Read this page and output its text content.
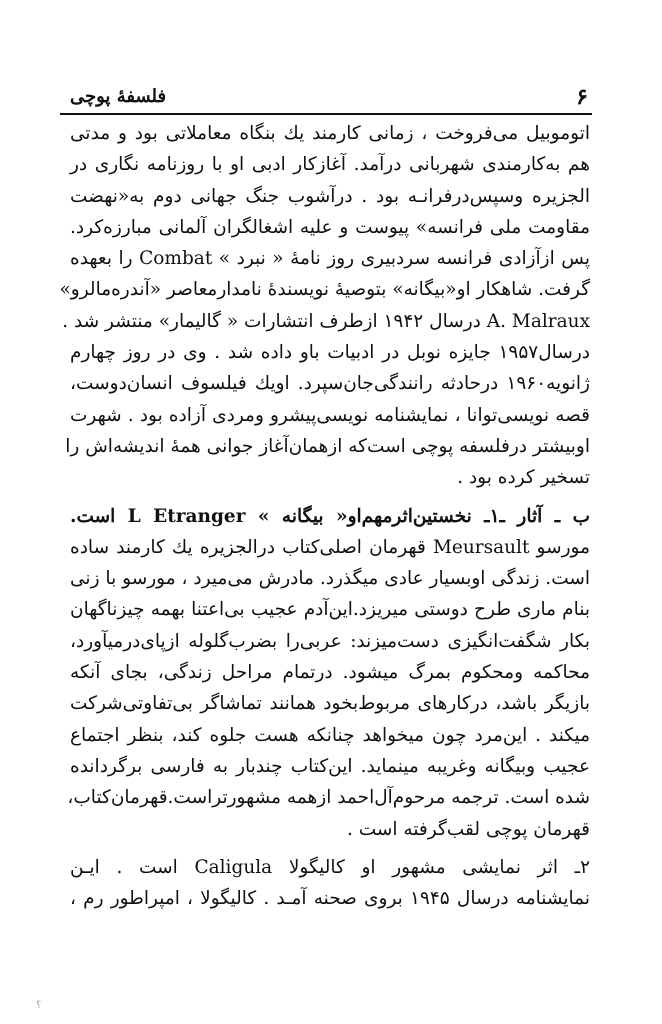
۶
فلسفهٔ پوچی
اتوموبیل می‌فروخت ، زمانی کارمند یك بنگاه معاملاتی بود و مدتی
هم به‌کارمندی شهربانی درآمد. آغازکار ادبی او با روزنامه نگاری در
الجزیره وسپس‌درفرانـه بود . درآشوب جنگ جهانی دوم به«نهضت
مقاومت ملی فرانسه» پیوست و علیه اشغالگران آلمانی مبارزه‌کرد.
پس ازآزادی فرانسه سردبیری روز نامهٔ « نبرد » Combat را بعهده
گرفت. شاهکار او«بیگانه» بتوصیهٔ نویسندهٔ نامدارمعاصر «آندره‌مالرو»
A. Malraux درسال ۱۹۴۲ ازطرف انتشارات « گالیمار» منتشر شد .
درسال۱۹۵۷ جایزه نوبل در ادبیات باو داده شد . وی در روز چهارم
ژانویه۱۹۶۰ درحادثه رانندگی‌جان‌سپرد. اویك فیلسوف انسان‌دوست،
قصه نویسی‌توانا ، نمایشنامه نویسی‌پیشرو ومردی آزاده بود . شهرت
اوبیشتر درفلسفه پوچی است‌که ازهمان‌آغاز جوانی همهٔ اندیشه‌اش را
تسخیر کرده بود .
ب ـ آثار ـ۱ـ نخستین‌اثرمهم‌او« بیگانه » L Etranger است.
مورسو Meursault قهرمان اصلی‌کتاب درالجزیره یك کارمند ساده
است. زندگی اوبسیار عادی میگذرد. مادرش می‌میرد ، مورسو با زنی
بنام ماری طرح دوستی میریزد.این‌آدم عجیب بی‌اعتنا بهمه چیزناگهان
بکار شگفت‌انگیزی دست‌میزند: عربی‌را بضرب‌گلوله ازپای‌درمیآورد،
محاکمه ومحکوم بمرگ میشود. درتمام مراحل زندگی، بجای آنکه
بازیگر باشد، درکارهای مربوط‌بخود همانند تماشاگر بی‌تفاوتی‌شرکت
میکند . این‌مرد چون میخواهد چنانکه هست جلوه کند، بنظر اجتماع
عجیب وبیگانه وغریبه مینماید. این‌کتاب چندبار به فارسی برگردانده
شده است. ترجمه مرحوم‌آل‌احمد ازهمه مشهورتراست.قهرمان‌کتاب،
قهرمان پوچی لقب‌گرفته است .
۲ـ اثر نمایشی مشهور او کالیگولا Caligula است . ایـن
نمایشنامه درسال ۱۹۴۵ بروی صحنه آمـد . کالیگولا ، امپراطور رم ،
؟
